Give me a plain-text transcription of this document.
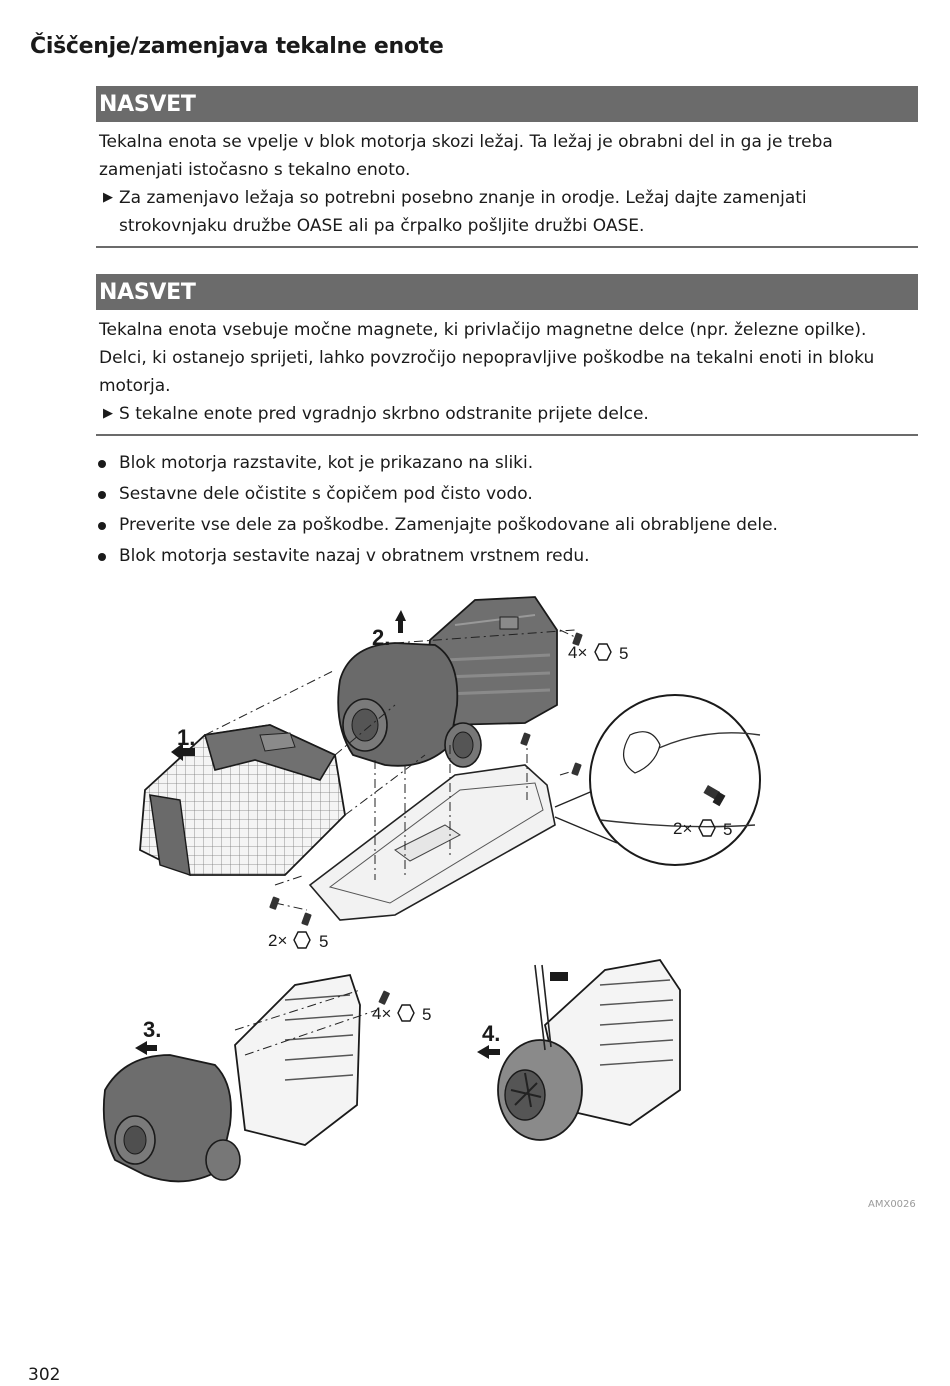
Čiščenje/zamenjava tekalne enote
NASVET

Tekalna enota se vpelje v blok motorja skozi ležaj. Ta ležaj je obrabni del in ga je treba zamenjati istočasno s tekalno enoto.

▶ Za zamenjavo ležaja so potrebni posebno znanje in orodje. Ležaj dajte zamenjati strokovnjaku družbe OASE ali pa črpalko pošljite družbi OASE.

NASVET

Tekalna enota vsebuje močne magnete, ki privlačijo magnetne delce (npr. železne opilke). Delci, ki ostanejo sprijeti, lahko povzročijo nepopravljive poškodbe na tekalni enoti in bloku motorja.

▶ S tekalne enote pred vgradnjo skrbno odstranite prijete delce.

Blok motorja razstavite, kot je prikazano na sliki.
Sestavne dele očistite s čopičem pod čisto vodo.
Preverite vse dele za poškodbe. Zamenjajte poškodovane ali obrabljene dele.
Blok motorja sestavite nazaj v obratnem vrstnem redu.
1.
2.
3.	4.
4× 5
2× 5
2× 5
4× 5
AMX0026
302
